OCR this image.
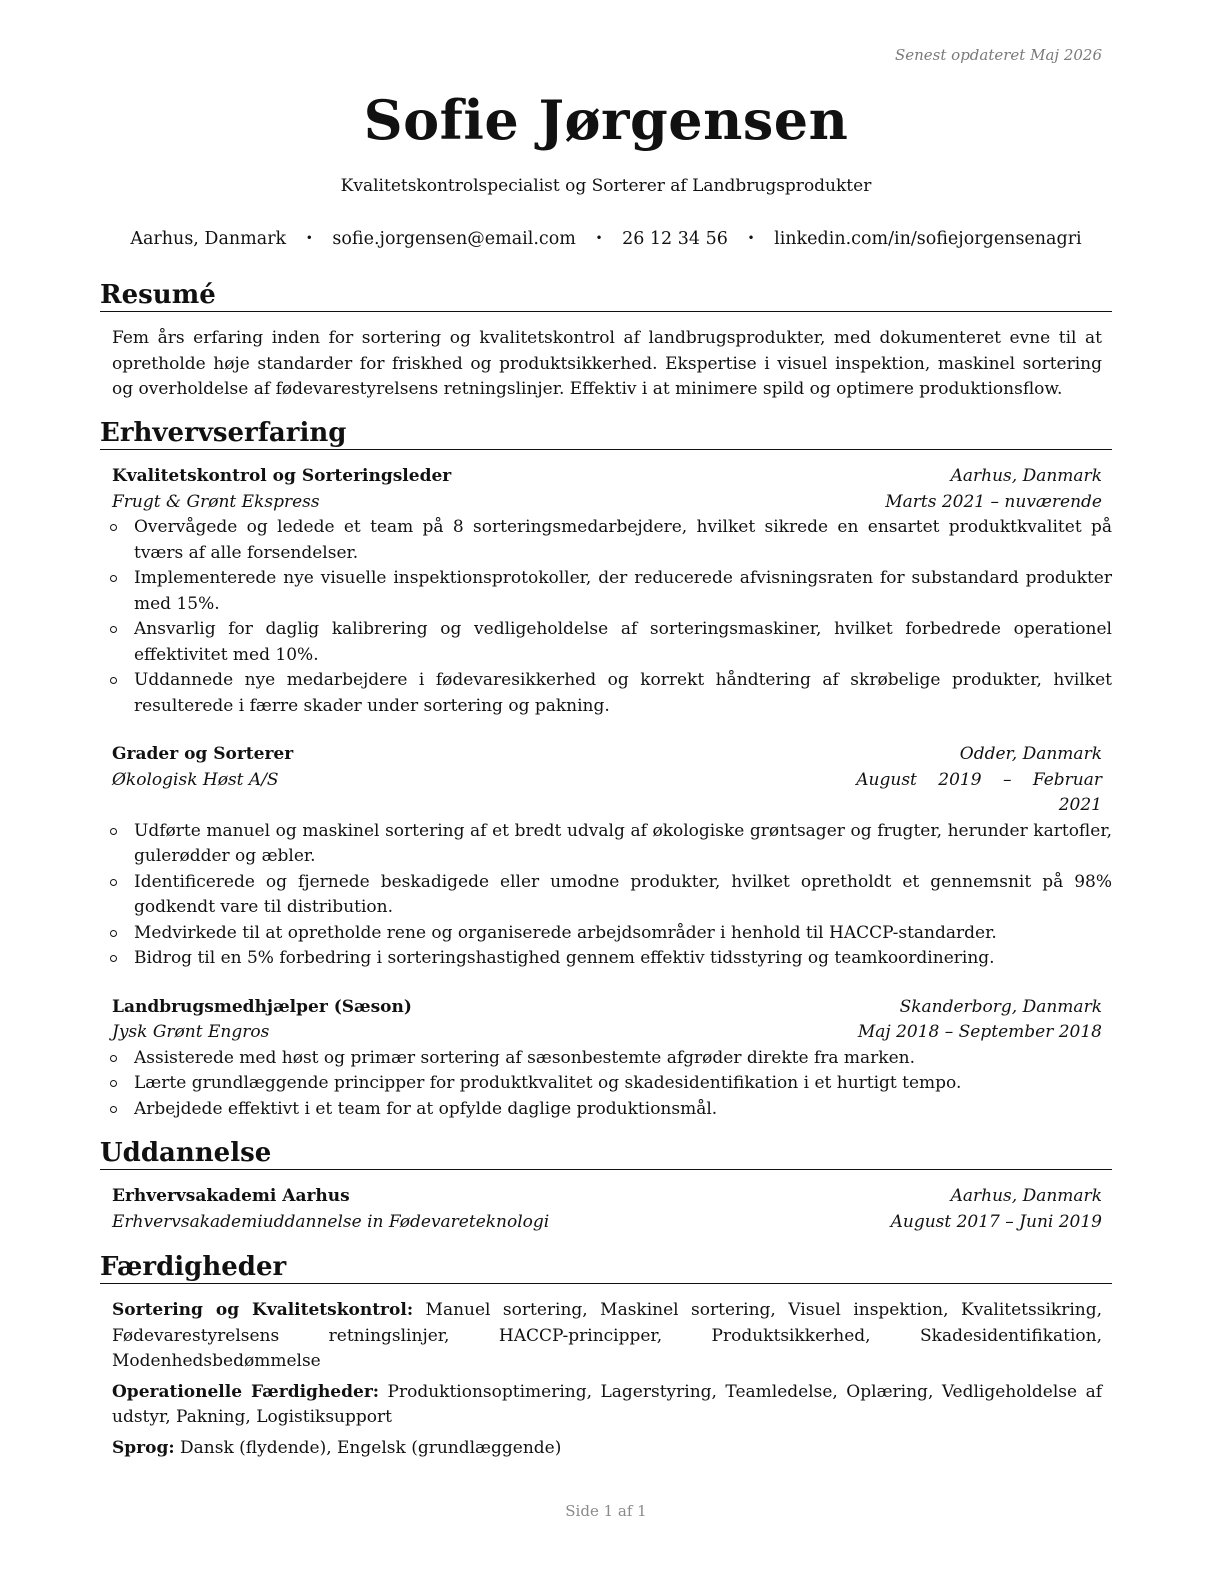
Senest opdateret Maj 2026
Sofie Jørgensen
Kvalitetskontrolspecialist og Sorterer af Landbrugsprodukter
Aarhus, Danmark • sofie.jorgensen@email.com • 26 12 34 56 • linkedin.com/in/sofiejorgensenagri
Resumé
Fem års erfaring inden for sortering og kvalitetskontrol af landbrugsprodukter, med dokumenteret evne til at opretholde høje standarder for friskhed og produktsikkerhed. Ekspertise i visuel inspektion, maskinel sortering og overholdelse af fødevarestyrelsens retningslinjer. Effektiv i at minimere spild og optimere produktionsflow.
Erhvervserfaring
Kvalitetskontrol og Sorteringsleder	Aarhus, Danmark
Frugt & Grønt Ekspress	Marts 2021 – nuværende
Overvågede og ledede et team på 8 sorteringsmedarbejdere, hvilket sikrede en ensartet produktkvalitet på tværs af alle forsendelser.
Implementerede nye visuelle inspektionsprotokoller, der reducerede afvisningsraten for substandard produkter med 15%.
Ansvarlig for daglig kalibrering og vedligeholdelse af sorteringsmaskiner, hvilket forbedrede operationel effektivitet med 10%.
Uddannede nye medarbejdere i fødevaresikkerhed og korrekt håndtering af skrøbelige produkter, hvilket resulterede i færre skader under sortering og pakning.
Grader og Sorterer	Odder, Danmark
Økologisk Høst A/S	August 2019 – Februar
2021
Udførte manuel og maskinel sortering af et bredt udvalg af økologiske grøntsager og frugter, herunder kartofler, gulerødder og æbler.
Identificerede og fjernede beskadigede eller umodne produkter, hvilket opretholdt et gennemsnit på 98% godkendt vare til distribution.
Medvirkede til at opretholde rene og organiserede arbejdsområder i henhold til HACCP-standarder.
Bidrog til en 5% forbedring i sorteringshastighed gennem effektiv tidsstyring og teamkoordinering.
Landbrugsmedhjælper (Sæson)	Skanderborg, Danmark
Jysk Grønt Engros	Maj 2018 – September 2018
Assisterede med høst og primær sortering af sæsonbestemte afgrøder direkte fra marken.
Lærte grundlæggende principper for produktkvalitet og skadesidentifikation i et hurtigt tempo.
Arbejdede effektivt i et team for at opfylde daglige produktionsmål.
Uddannelse
Erhvervsakademi Aarhus	Aarhus, Danmark
Erhvervsakademiuddannelse in Fødevareteknologi	August 2017 – Juni 2019
Færdigheder
Sortering og Kvalitetskontrol: Manuel sortering, Maskinel sortering, Visuel inspektion, Kvalitetssikring, Fødevarestyrelsens retningslinjer, HACCP-principper, Produktsikkerhed, Skadesidentifikation, Modenhedsbedømmelse
Operationelle Færdigheder: Produktionsoptimering, Lagerstyring, Teamledelse, Oplæring, Vedligeholdelse af udstyr, Pakning, Logistiksupport
Sprog: Dansk (flydende), Engelsk (grundlæggende)
Side 1 af 1
